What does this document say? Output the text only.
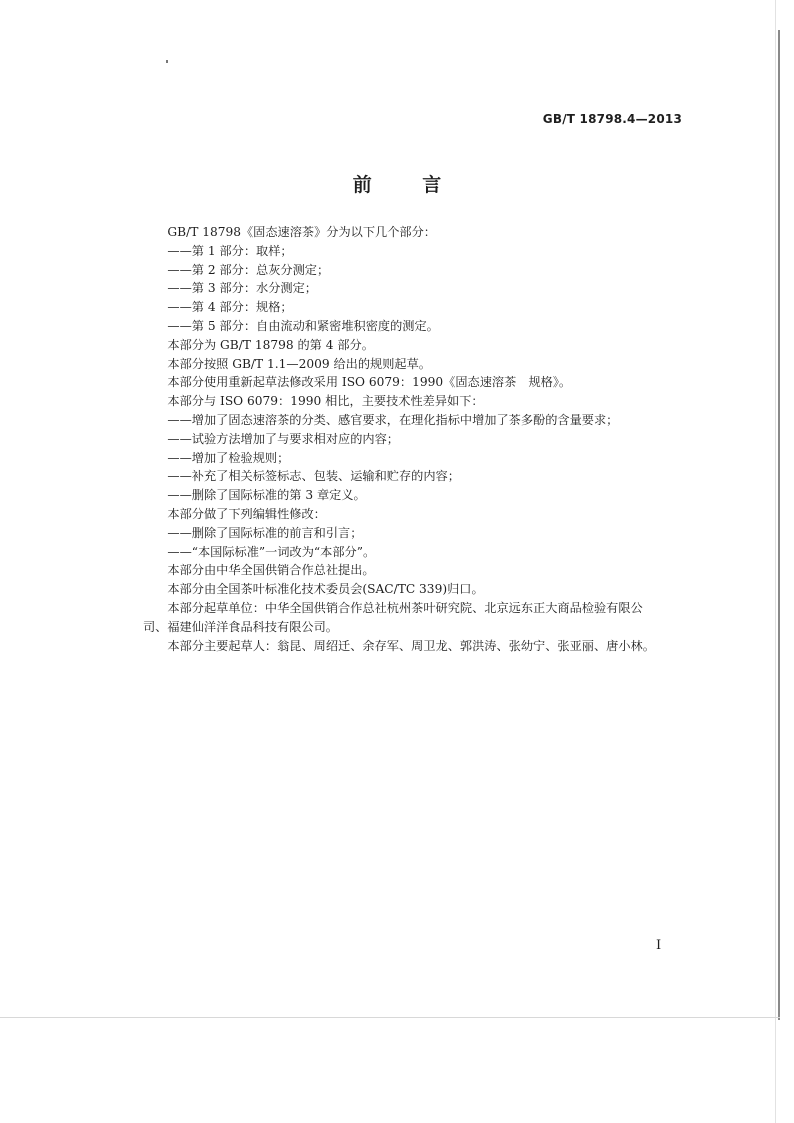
GB/T 18798.4—2013
前 言

GB/T 18798《固态速溶茶》分为以下几个部分：

——第 1 部分：取样；

——第 2 部分：总灰分测定；

——第 3 部分：水分测定；

——第 4 部分：规格；

——第 5 部分：自由流动和紧密堆积密度的测定。

本部分为 GB/T 18798 的第 4 部分。

本部分按照 GB/T 1.1—2009 给出的规则起草。

本部分使用重新起草法修改采用 ISO 6079：1990《固态速溶茶　规格》。

本部分与 ISO 6079：1990 相比，主要技术性差异如下：

——增加了固态速溶茶的分类、感官要求，在理化指标中增加了茶多酚的含量要求；

——试验方法增加了与要求相对应的内容；

——增加了检验规则；

——补充了相关标签标志、包装、运输和贮存的内容；

——删除了国际标准的第 3 章定义。

本部分做了下列编辑性修改：

——删除了国际标准的前言和引言；

——“本国际标准”一词改为“本部分”。

本部分由中华全国供销合作总社提出。

本部分由全国茶叶标准化技术委员会(SAC/TC 339)归口。

本部分起草单位：中华全国供销合作总社杭州茶叶研究院、北京远东正大商品检验有限公司、福建仙洋洋食品科技有限公司。

本部分主要起草人：翁昆、周绍迁、余存军、周卫龙、郭洪涛、张幼宁、张亚丽、唐小林。

I
